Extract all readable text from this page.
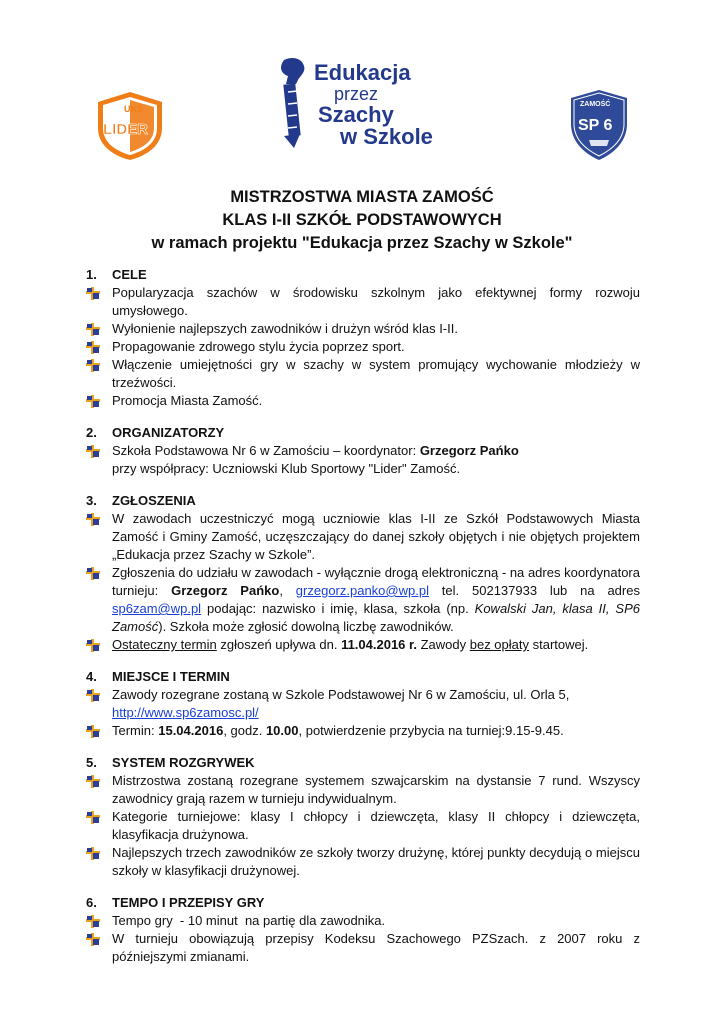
UKS
LIDER
Edukacja
przez
Szachy
w Szkole
ZAMOŚĆ
SP 6
MISTRZOSTWA MIASTA ZAMOŚĆ
KLAS I-II SZKÓŁ PODSTAWOWYCH
w ramach projektu "Edukacja przez Szachy w Szkole"
1.	CELE
Popularyzacja szachów w środowisku szkolnym jako efektywnej formy rozwoju umysłowego.
Wyłonienie najlepszych zawodników i drużyn wśród klas I-II.
Propagowanie zdrowego stylu życia poprzez sport.
Włączenie umiejętności gry w szachy w system promujący wychowanie młodzieży w trzeźwości.
Promocja Miasta Zamość.
2.	ORGANIZATORZY
Szkoła Podstawowa Nr 6 w Zamościu – koordynator: Grzegorz Pańko
przy współpracy: Uczniowski Klub Sportowy "Lider" Zamość.
3.	ZGŁOSZENIA
W zawodach uczestniczyć mogą uczniowie klas I-II ze Szkół Podstawowych Miasta Zamość i Gminy Zamość, uczęszczający do danej szkoły objętych i nie objętych projektem „Edukacja przez Szachy w Szkole”.
Zgłoszenia do udziału w zawodach - wyłącznie drogą elektroniczną - na adres koordynatora turnieju: Grzegorz Pańko, grzegorz.panko@wp.pl tel. 502137933 lub na adres sp6zam@wp.pl podając: nazwisko i imię, klasa, szkoła (np. Kowalski Jan, klasa II, SP6 Zamość). Szkoła może zgłosić dowolną liczbę zawodników.
Ostateczny termin zgłoszeń upływa dn. 11.04.2016 r. Zawody bez opłaty startowej.
4.	MIEJSCE I TERMIN
Zawody rozegrane zostaną w Szkole Podstawowej Nr 6 w Zamościu, ul. Orla 5,
http://www.sp6zamosc.pl/
Termin: 15.04.2016, godz. 10.00, potwierdzenie przybycia na turniej:9.15-9.45.
5.	SYSTEM ROZGRYWEK
Mistrzostwa zostaną rozegrane systemem szwajcarskim na dystansie 7 rund. Wszyscy zawodnicy grają razem w turnieju indywidualnym.
Kategorie turniejowe: klasy I chłopcy i dziewczęta, klasy II chłopcy i dziewczęta, klasyfikacja drużynowa.
Najlepszych trzech zawodników ze szkoły tworzy drużynę, której punkty decydują o miejscu szkoły w klasyfikacji drużynowej.
6.	TEMPO I PRZEPISY GRY
Tempo gry  - 10 minut  na partię dla zawodnika.
W turnieju obowiązują przepisy Kodeksu Szachowego PZSzach. z 2007 roku z późniejszymi zmianami.
